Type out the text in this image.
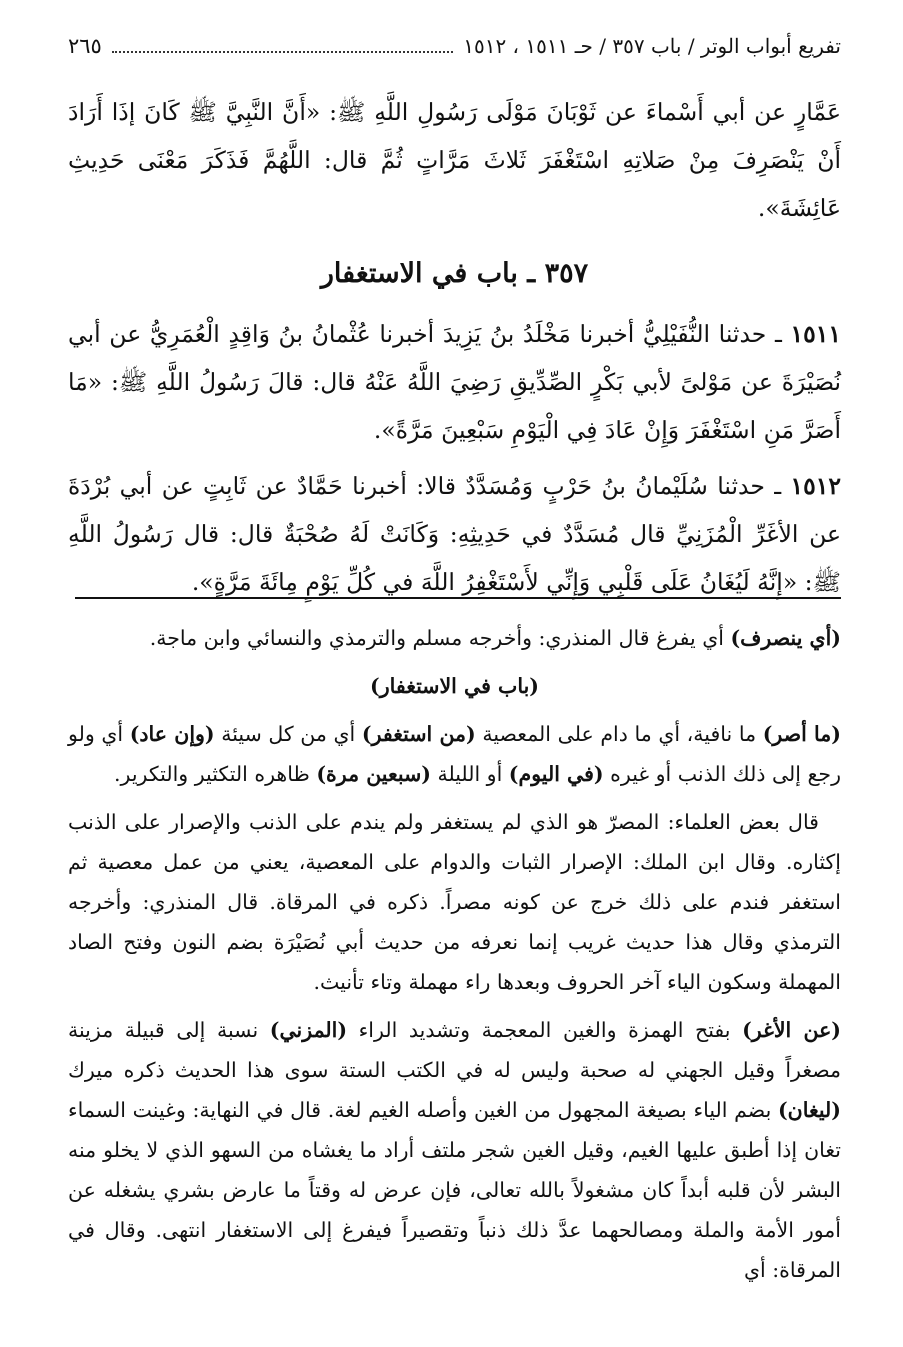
تفريع أبواب الوتر / باب ٣٥٧ / حـ ١٥١١ ، ١٥١٢
٢٦٥

عَمَّارٍ عن أبي أَسْماءَ عن ثَوْبَانَ مَوْلَى رَسُولِ اللَّهِ ﷺ: «أَنَّ النَّبِيَّ ﷺ كَانَ إذَا أَرَادَ أَنْ يَنْصَرِفَ مِنْ صَلاتِهِ اسْتَغْفَرَ ثَلاثَ مَرَّاتٍ ثُمَّ قال: اللَّهُمَّ فَذَكَرَ مَعْنَى حَدِيثِ عَائِشَةَ».

٣٥٧ ـ باب في الاستغفار

١٥١١ ـ حدثنا النُّفَيْلِيُّ أخبرنا مَخْلَدُ بنُ يَزِيدَ أخبرنا عُثْمانُ بنُ وَاقِدٍ الْعُمَرِيُّ عن أبي نُصَيْرَةَ عن مَوْلىً لأبي بَكْرٍ الصِّدِّيقِ رَضِيَ اللَّهُ عَنْهُ قال: قالَ رَسُولُ اللَّهِ ﷺ: «مَا أَصَرَّ مَنِ اسْتَغْفَرَ وَإِنْ عَادَ فِي الْيَوْمِ سَبْعِينَ مَرَّةً».

١٥١٢ ـ حدثنا سُلَيْمانُ بنُ حَرْبٍ وَمُسَدَّدٌ قالا: أخبرنا حَمَّادٌ عن ثَابِتٍ عن أبي بُرْدَةَ عن الأغَرِّ الْمُزَنِيِّ قال مُسَدَّدٌ في حَدِيثِهِ: وَكَانَتْ لَهُ صُحْبَةٌ قال: قال رَسُولُ اللَّهِ ﷺ: «إِنَّهُ لَيُغَانُ عَلَى قَلْبِي وَإِنِّي لأَسْتَغْفِرُ اللَّهَ في كُلِّ يَوْمٍ مِائَةَ مَرَّةٍ».

(أي ينصرف) أي يفرغ قال المنذري: وأخرجه مسلم والترمذي والنسائي وابن ماجة.

(باب في الاستغفار)

(ما أصر) ما نافية، أي ما دام على المعصية (من استغفر) أي من كل سيئة (وإن عاد) أي ولو رجع إلى ذلك الذنب أو غيره (في اليوم) أو الليلة (سبعين مرة) ظاهره التكثير والتكرير.

قال بعض العلماء: المصرّ هو الذي لم يستغفر ولم يندم على الذنب والإصرار على الذنب إكثاره. وقال ابن الملك: الإصرار الثبات والدوام على المعصية، يعني من عمل معصية ثم استغفر فندم على ذلك خرج عن كونه مصراً. ذكره في المرقاة. قال المنذري: وأخرجه الترمذي وقال هذا حديث غريب إنما نعرفه من حديث أبي نُصَيْرَة بضم النون وفتح الصاد المهملة وسكون الياء آخر الحروف وبعدها راء مهملة وتاء تأنيث.

(عن الأغر) بفتح الهمزة والغين المعجمة وتشديد الراء (المزني) نسبة إلى قبيلة مزينة مصغراً وقيل الجهني له صحبة وليس له في الكتب الستة سوى هذا الحديث ذكره ميرك (ليغان) بضم الياء بصيغة المجهول من الغين وأصله الغيم لغة. قال في النهاية: وغينت السماء تغان إذا أطبق عليها الغيم، وقيل الغين شجر ملتف أراد ما يغشاه من السهو الذي لا يخلو منه البشر لأن قلبه أبداً كان مشغولاً بالله تعالى، فإن عرض له وقتاً ما عارض بشري يشغله عن أمور الأمة والملة ومصالحهما عدَّ ذلك ذنباً وتقصيراً فيفرغ إلى الاستغفار انتهى. وقال في المرقاة: أي
